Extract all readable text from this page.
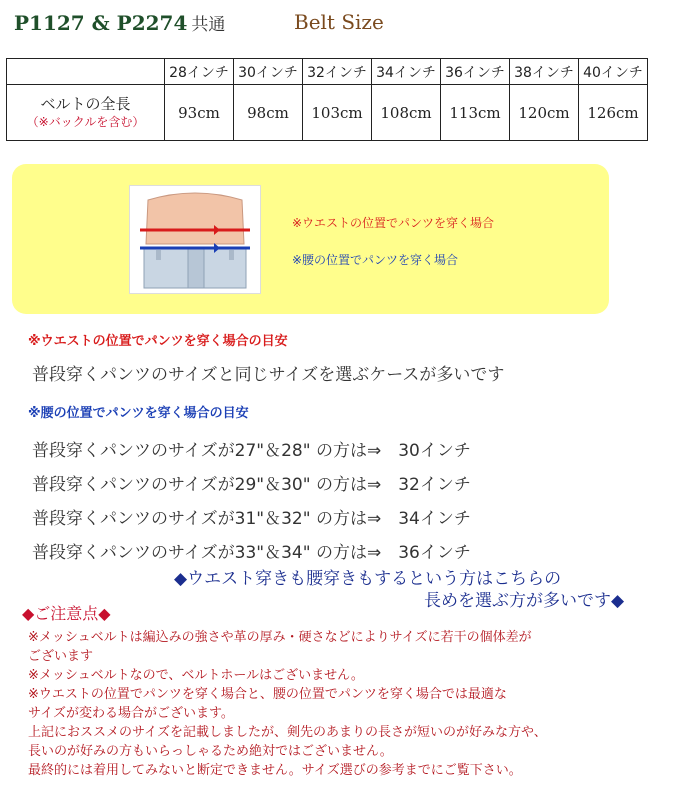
P1127 & P2274 共通	Belt Size
	28インチ	30インチ	32インチ	34インチ	36インチ	38インチ	40インチ

ベルトの全長
（※バックルを含む）	93cm	98cm	103cm	108cm	113cm	120cm	126cm
※ウエストの位置でパンツを穿く場合
※腰の位置でパンツを穿く場合
※ウエストの位置でパンツを穿く場合の目安
普段穿くパンツのサイズと同じサイズを選ぶケースが多いです
※腰の位置でパンツを穿く場合の目安
普段穿くパンツのサイズが27"＆28" の方は⇒　30インチ
普段穿くパンツのサイズが29"＆30" の方は⇒　32インチ
普段穿くパンツのサイズが31"＆32" の方は⇒　34インチ
普段穿くパンツのサイズが33"＆34" の方は⇒　36インチ
◆ウエスト穿きも腰穿きもするという方はこちらの
長めを選ぶ方が多いです◆
◆ご注意点◆
※メッシュベルトは編込みの強さや革の厚み・硬さなどによりサイズに若干の個体差が
ございます
※メッシュベルトなので、ベルトホールはございません。
※ウエストの位置でパンツを穿く場合と、腰の位置でパンツを穿く場合では最適な
サイズが変わる場合がございます。
上記におススメのサイズを記載しましたが、剣先のあまりの長さが短いのが好みな方や、
長いのが好みの方もいらっしゃるため絶対ではございません。
最終的には着用してみないと断定できません。サイズ選びの参考までにご覧下さい。
